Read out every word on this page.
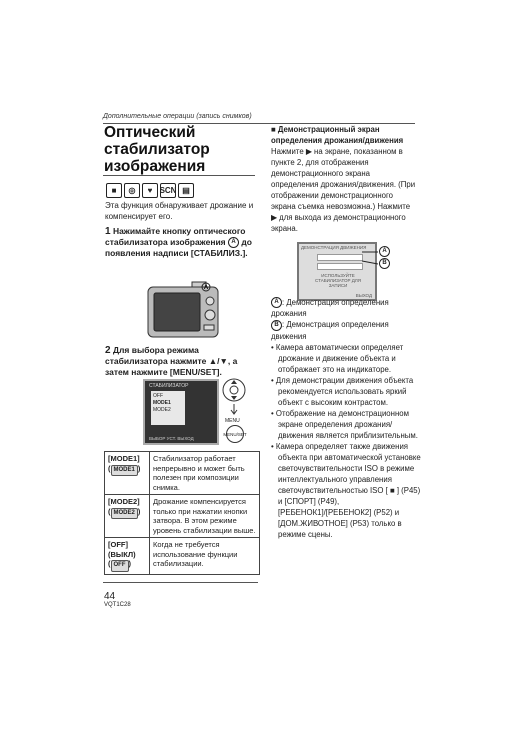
Дополнительные операции (запись снимков)
Оптический стабилизатор изображения
■	◎	♥ SCN ▤
Эта функция обнаруживает дрожание и компенсирует его.
1 Нажимайте кнопку оптического стабилизатора изображения A до появления надписи [СТАБИЛИЗ.].
A
2 Для выбора режима стабилизатора нажмите ▲/▼, а затем нажмите [MENU/SET].
СТАБИЛИЗАТОР
OFF
MODE1
MODE2
ВЫБОР УСТ. ВЫХОД
MENU
MENU/SET
[MODE1]
( MODE1 )	Стабилизатор работает непрерывно и может быть полезен при композиции снимка.

[MODE2]
( MODE2 )	Дрожание компенсируется только при нажатии кнопки затвора. В этом режиме уровень стабилизации выше.

[OFF] (ВЫКЛ)
( OFF )	Когда не требуется использование функции стабилизации.
44
VQT1C28
■ Демонстрационный экран определения дрожания/движения
Нажмите ▶ на экране, показанном в пункте 2, для отображения демонстрационного экрана определения дрожания/движения. (При отображении демонстрационного экрана съемка невозможна.) Нажмите ▶ для выхода из демонстрационного экрана.
ДЕМОНСТРАЦИЯ ДВИЖЕНИЯ
ИСПОЛЬЗУЙТЕ СТАБИЛИЗАТОР ДЛЯ ЗАПИСИ
ВЫХОД
A
B

A : Демонстрация определения дрожания

B : Демонстрация определения движения

• Камера автоматически определяет дрожание и движение объекта и отображает это на индикаторе.

• Для демонстрации движения объекта рекомендуется использовать яркий объект с высоким контрастом.

• Отображение на демонстрационном экране определения дрожания/движения является приблизительным.

• Камера определяет также движения объекта при автоматической установке светочувствительности ISO в режиме интеллектуального управления светочувствительностью ISO [ ■ ] (P45) и [СПОРТ] (P49), [РЕБЕНОК1]/[РЕБЕНОК2] (P52) и [ДОМ.ЖИВОТНОЕ] (P53) только в режиме сцены.
